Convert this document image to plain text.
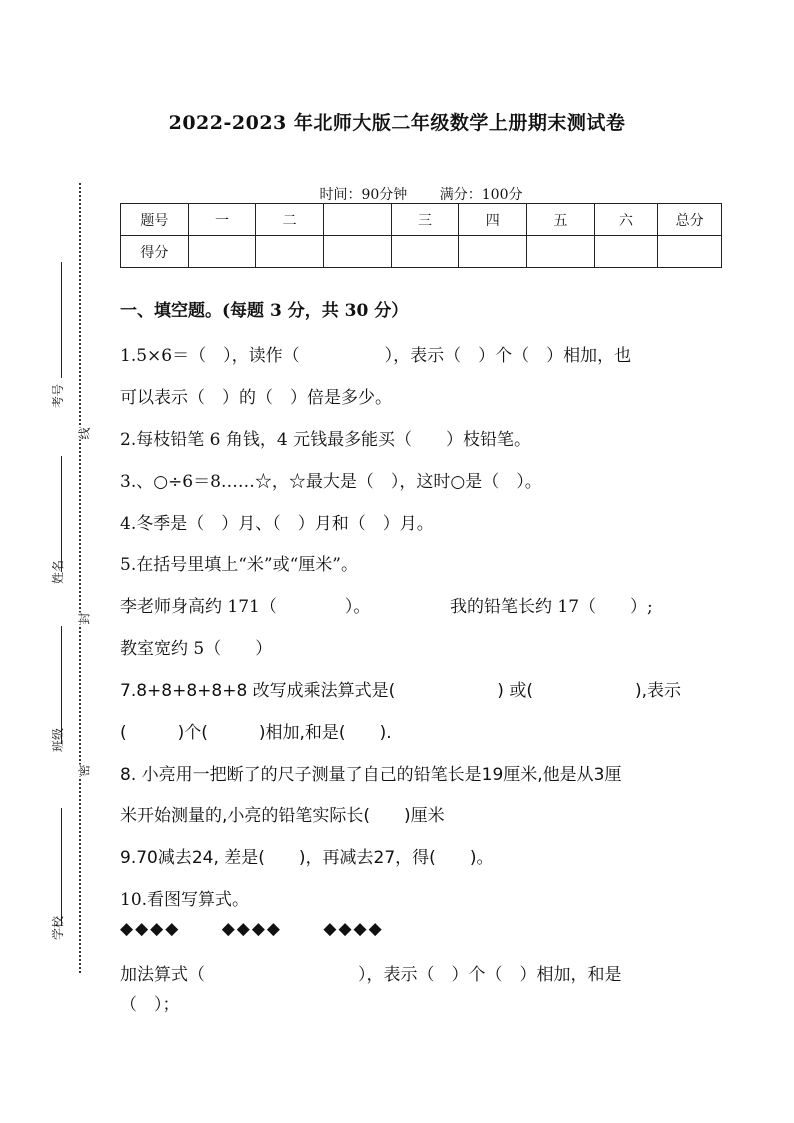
考号
姓名
班级
学校
线
封
密
2022-2023 年北师大版二年级数学上册期末测试卷
时间：90分钟 满分：100分
题号	一	二		三	四	五	六	总分
得分								
一、填空题。(每题 3 分，共 30 分）
1.5×6＝（　），读作（　　　　　），表示（　）个（　）相加，也
可以表示（　）的（　）倍是多少。
2.每枝铅笔 6 角钱，4 元钱最多能买（　　）枝铅笔。
3.、○÷6＝8……☆，☆最大是（　），这时○是（　）。
4.冬季是（　）月、（　）月和（　）月。
5.在括号里填上“米”或“厘米”。
李老师身高约 171（　　　　）。	我的铅笔长约 17（　　）;
教室宽约 5（　　）
7.8+8+8+8+8 改写成乘法算式是(　　　　　　) 或(　　　　　　),表示
(　　　)个(　　　)相加,和是(　　).
8. 小亮用一把断了的尺子测量了自己的铅笔长是19厘米,他是从3厘
米开始测量的,小亮的铅笔实际长(　　)厘米
9.70减去24, 差是(　　)，再减去27，得(　　)。
10.看图写算式。
◆◆◆◆ ◆◆◆◆ ◆◆◆◆
加法算式（　　　　　　　　　），表示（　）个（　）相加，和是
（　）；
